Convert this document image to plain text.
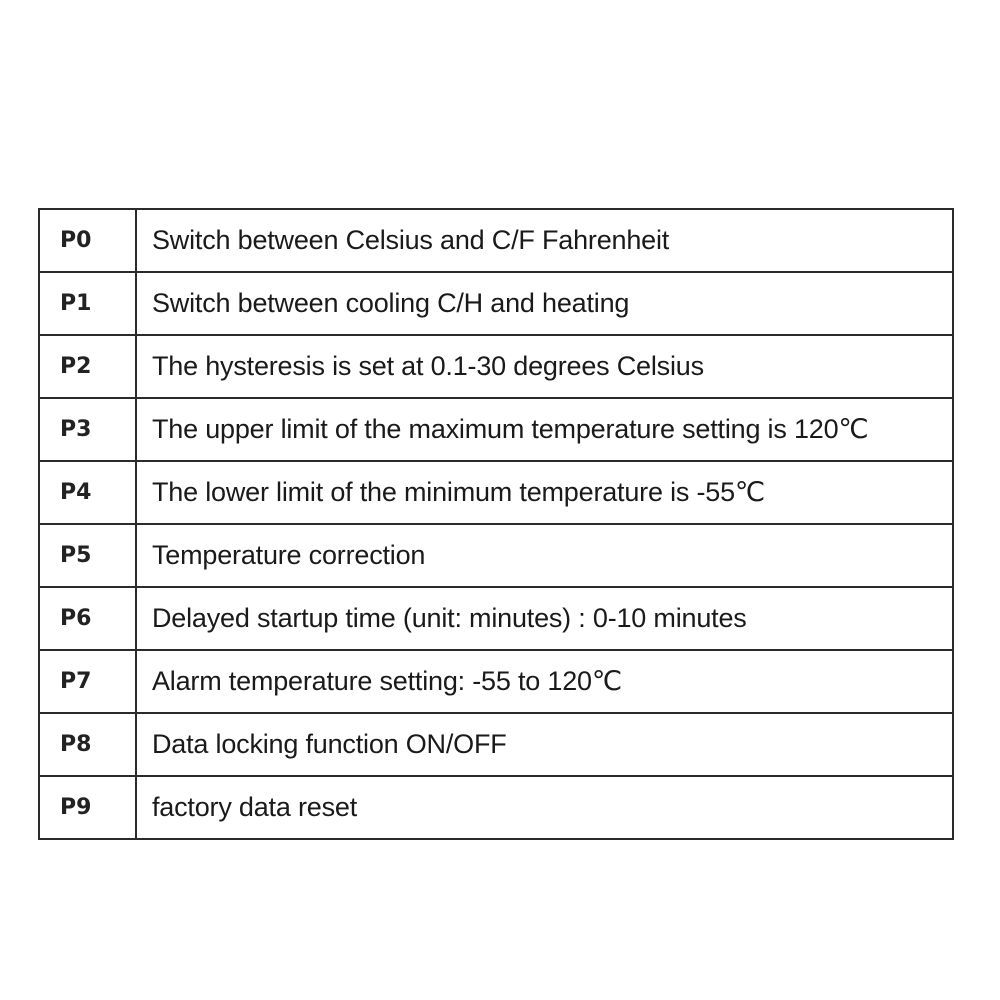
P0	Switch between Celsius and C/F Fahrenheit
P1	Switch between cooling C/H and heating
P2	The hysteresis is set at 0.1-30 degrees Celsius
P3	The upper limit of the maximum temperature setting is 120℃
P4	The lower limit of the minimum temperature is -55℃
P5	Temperature correction
P6	Delayed startup time (unit: minutes) : 0-10 minutes
P7	Alarm temperature setting: -55 to 120℃
P8	Data locking function ON/OFF
P9	factory data reset
